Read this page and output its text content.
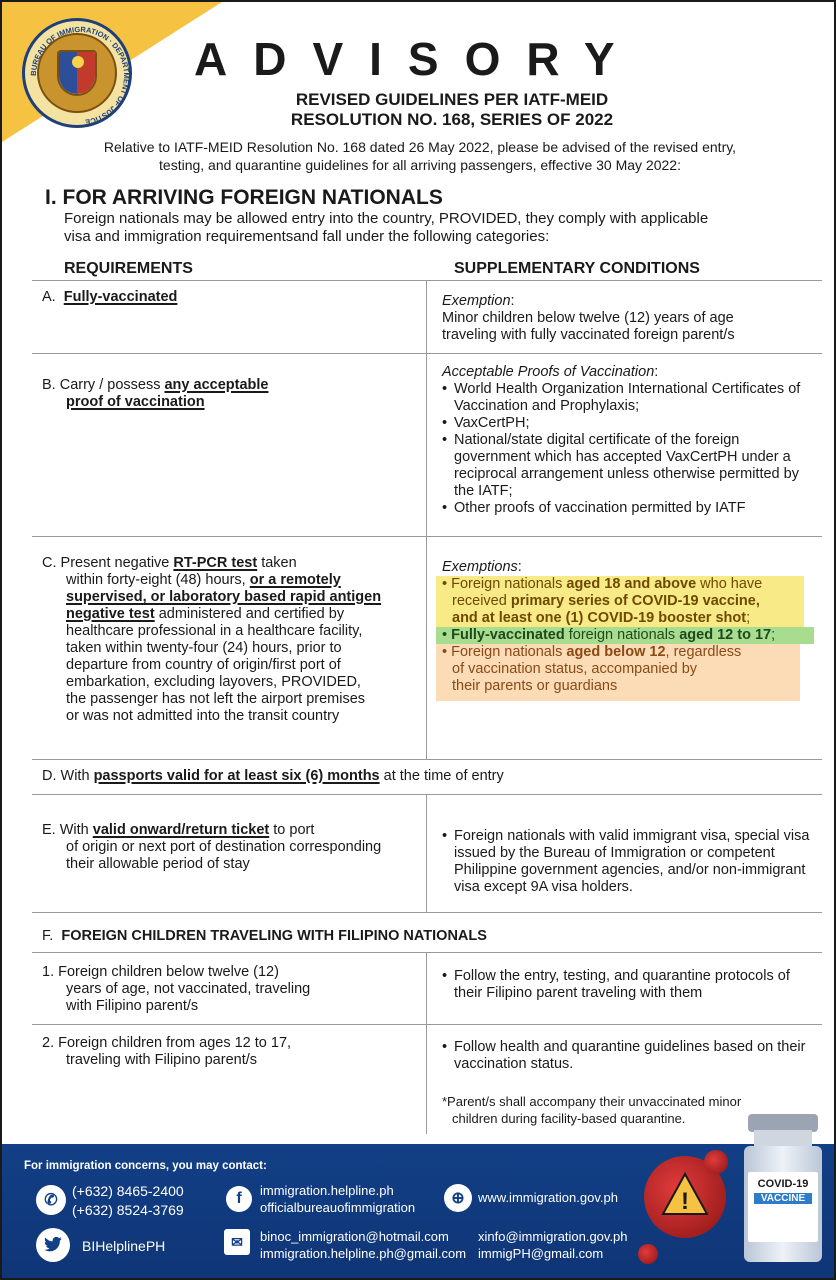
BUREAU OF IMMIGRATION · DEPARTMENT OF JUSTICE
ADVISORY
REVISED GUIDELINES PER IATF-MEID
RESOLUTION NO. 168, SERIES OF 2022
Relative to IATF-MEID Resolution No. 168 dated 26 May 2022, please be advised of the revised entry,
testing, and quarantine guidelines for all arriving passengers, effective 30 May 2022:
I. FOR ARRIVING FOREIGN NATIONALS
Foreign nationals may be allowed entry into the country, PROVIDED, they comply with applicable
visa and immigration requirementsand fall under the following categories:
REQUIREMENTS	SUPPLEMENTARY CONDITIONS
A. Fully-vaccinated	Exemption:
Minor children below twelve (12) years of age
traveling with fully vaccinated foreign parent/s
B. Carry / possess any acceptable
proof of vaccination
Acceptable Proofs of Vaccination:
• World Health Organization International Certificates of Vaccination and Prophylaxis;
• VaxCertPH;
• National/state digital certificate of the foreign government which has accepted VaxCertPH under a reciprocal arrangement unless otherwise permitted by the IATF;
• Other proofs of vaccination permitted by IATF
C. Present negative RT-PCR test taken
within forty-eight (48) hours, or a remotely
supervised, or laboratory based rapid antigen
negative test administered and certified by
healthcare professional in a healthcare facility,
taken within twenty-four (24) hours, prior to
departure from country of origin/first port of
embarkation, excluding layovers, PROVIDED,
the passenger has not left the airport premises
or was not admitted into the transit country
Exemptions:
• Foreign nationals aged 18 and above who have
received primary series of COVID-19 vaccine,
and at least one (1) COVID-19 booster shot;
• Fully-vaccinated foreign nationals aged 12 to 17;
• Foreign nationals aged below 12, regardless
of vaccination status, accompanied by
their parents or guardians
D. With passports valid for at least six (6) months at the time of entry
E. With valid onward/return ticket to port
of origin or next port of destination corresponding
their allowable period of stay
• Foreign nationals with valid immigrant visa, special visa issued by the Bureau of Immigration or competent Philippine government agencies, and/or non-immigrant visa except 9A visa holders.
F. FOREIGN CHILDREN TRAVELING WITH FILIPINO NATIONALS
1. Foreign children below twelve (12)
years of age, not vaccinated, traveling
with Filipino parent/s
• Follow the entry, testing, and quarantine protocols of their Filipino parent traveling with them
2. Foreign children from ages 12 to 17,
traveling with Filipino parent/s
• Follow health and quarantine guidelines based on their vaccination status.
*Parent/s shall accompany their unvaccinated minor
children during facility-based quarantine.
For immigration concerns, you may contact:
✆
(+632) 8465-2400
(+632) 8524-3769
BIHelplinePH
f	immigration.helpline.ph
officialbureauofimmigration
✉	binoc_immigration@hotmail.com
immigration.helpline.ph@gmail.com
⊕	www.immigration.gov.ph
xinfo@immigration.gov.ph
immigPH@gmail.com
!
COVID-19
VACCINE
